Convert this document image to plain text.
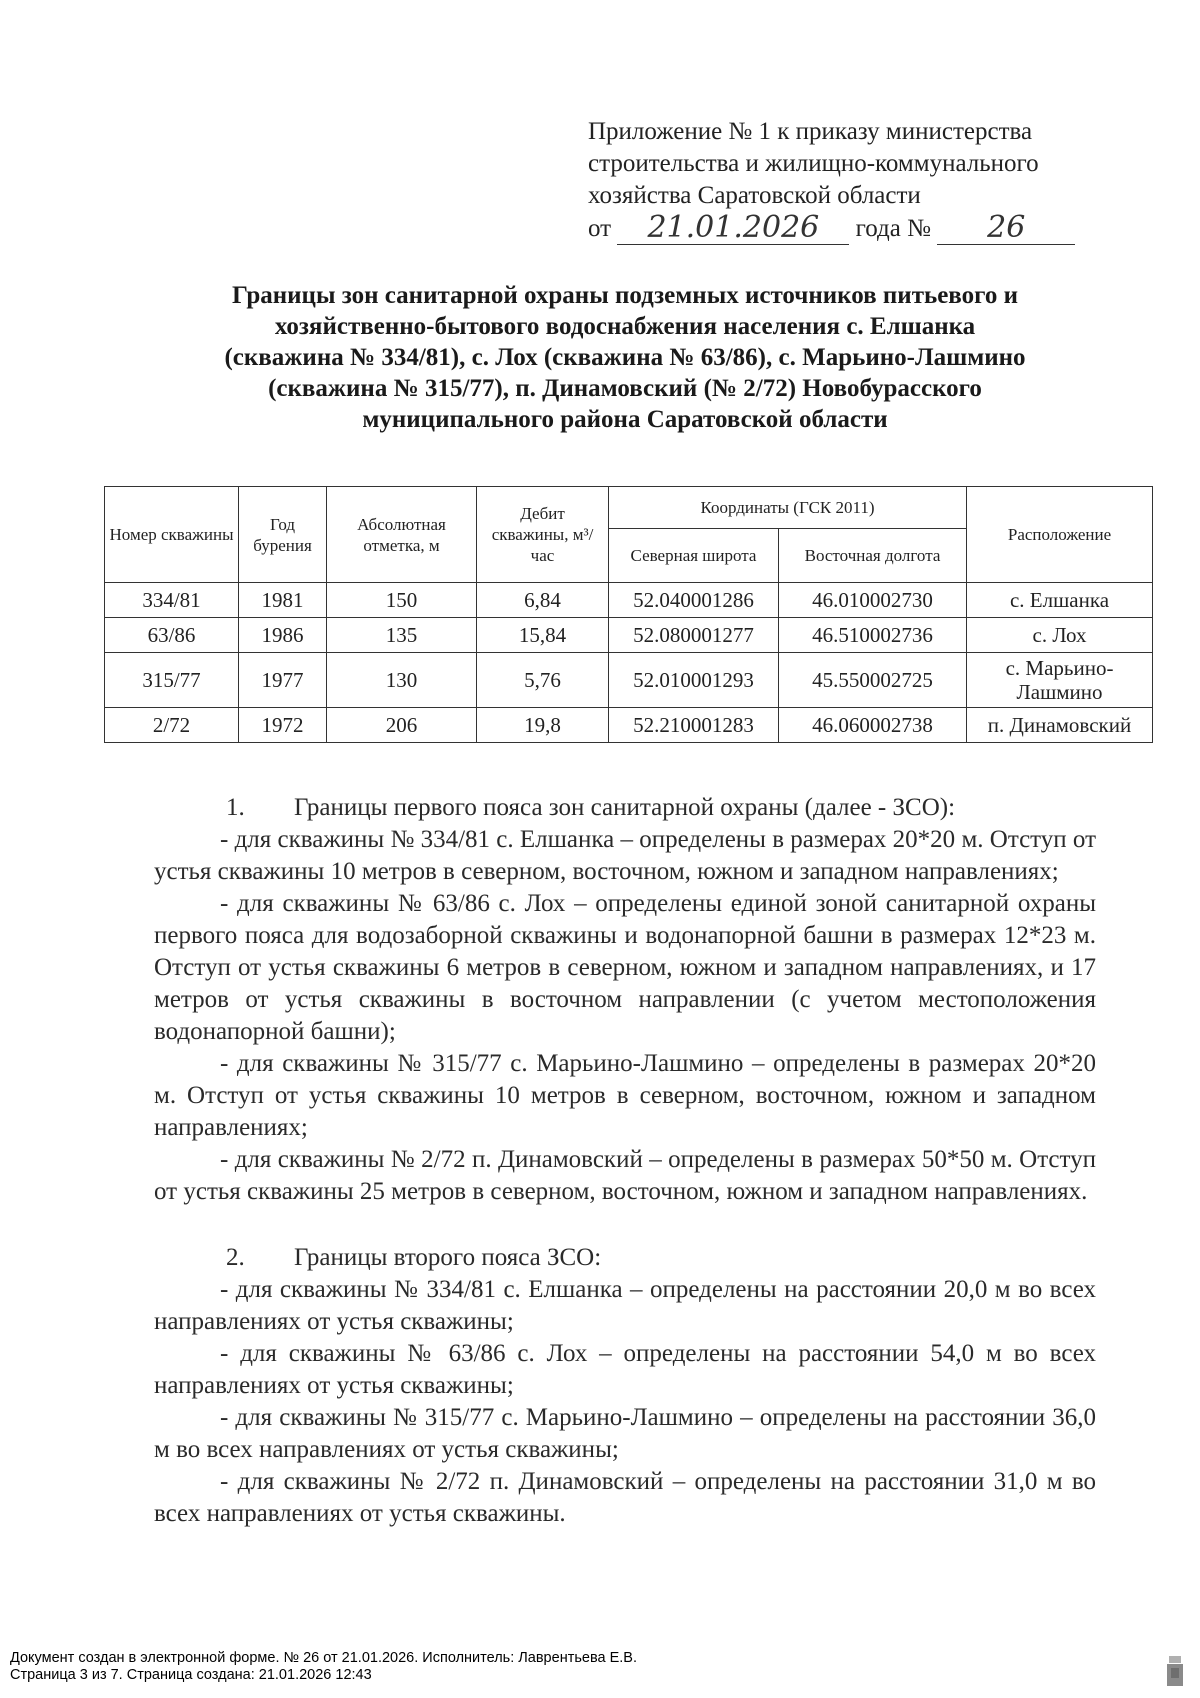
Приложение № 1 к приказу министерства
строительства и жилищно-коммунального
хозяйства Саратовской области
от 21.01.2026 года № 26
Границы зон санитарной охраны подземных источников питьевого и
хозяйственно-бытового водоснабжения населения с. Елшанка
(скважина № 334/81), с. Лох (скважина № 63/86), с. Марьино-Лашмино
(скважина № 315/77), п. Динамовский (№ 2/72) Новобурасского
муниципального района Саратовской области
Номер скважины	Год бурения	Абсолютная отметка, м	Дебит скважины, м³/час	Координаты (ГСК 2011)		Расположение
				Северная широта	Восточная долгота	
334/81	1981	150	6,84	52.040001286	46.010002730	с. Елшанка
63/86	1986	135	15,84	52.080001277	46.510002736	с. Лох
315/77	1977	130	5,76	52.010001293	45.550002725	с. Марьино-Лашмино
2/72	1972	206	19,8	52.210001283	46.060002738	п. Динамовский

1. Границы первого пояса зон санитарной охраны (далее - ЗСО):

- для скважины № 334/81 с. Елшанка – определены в размерах 20*20 м. Отступ от устья скважины 10 метров в северном, восточном, южном и западном направлениях;

- для скважины № 63/86 с. Лох – определены единой зоной санитарной охраны первого пояса для водозаборной скважины и водонапорной башни в размерах 12*23 м. Отступ от устья скважины 6 метров в северном, южном и западном направлениях, и 17 метров от устья скважины в восточном направлении (с учетом местоположения водонапорной башни);

- для скважины № 315/77 с. Марьино-Лашмино – определены в размерах 20*20 м. Отступ от устья скважины 10 метров в северном, восточном, южном и западном направлениях;

- для скважины № 2/72 п. Динамовский – определены в размерах 50*50 м. Отступ от устья скважины 25 метров в северном, восточном, южном и западном направлениях.

2. Границы второго пояса ЗСО:

- для скважины № 334/81 с. Елшанка – определены на расстоянии 20,0 м во всех направлениях от устья скважины;

- для скважины № 63/86 с. Лох – определены на расстоянии 54,0 м во всех направлениях от устья скважины;

- для скважины № 315/77 с. Марьино-Лашмино – определены на расстоянии 36,0 м во всех направлениях от устья скважины;

- для скважины № 2/72 п. Динамовский – определены на расстоянии 31,0 м во всех направлениях от устья скважины.

Документ создан в электронной форме. № 26 от 21.01.2026. Исполнитель: Лаврентьева Е.В.
Страница 3 из 7. Страница создана: 21.01.2026 12:43
